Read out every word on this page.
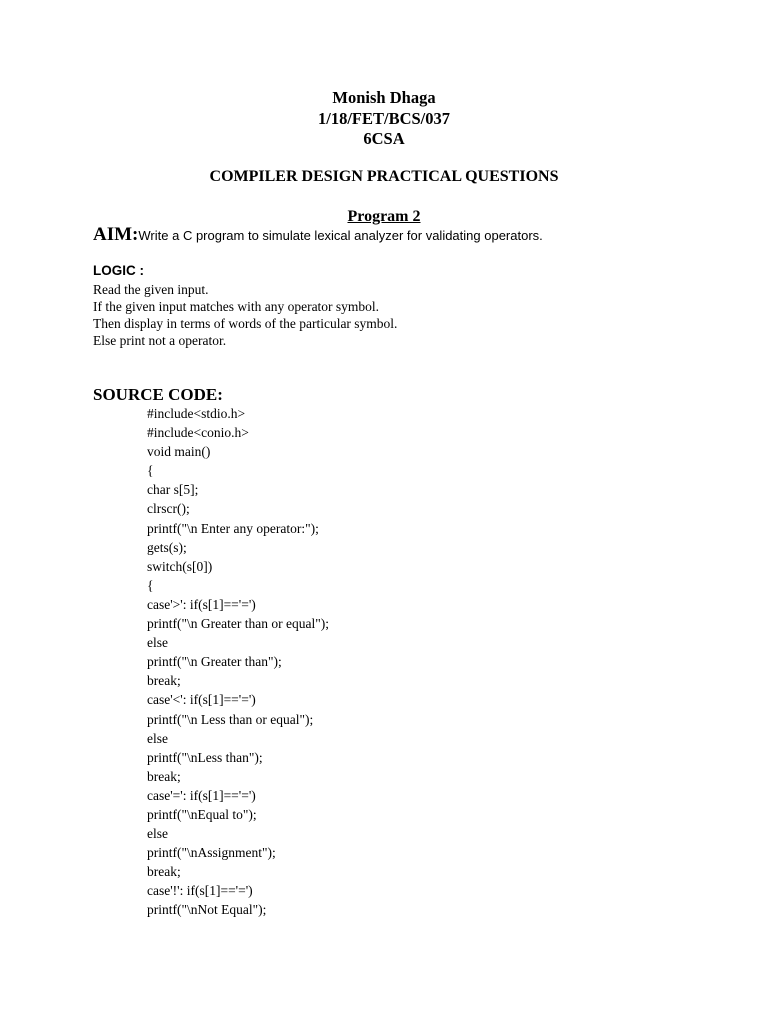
Monish Dhaga
1/18/FET/BCS/037
6CSA
COMPILER DESIGN PRACTICAL QUESTIONS
Program 2
AIM:Write a C program to simulate lexical analyzer for validating operators.
LOGIC :
Read the given input.
If the given input matches with any operator symbol.
Then display in terms of words of the particular symbol.
Else print not a operator.
SOURCE CODE:
#include<stdio.h>
#include<conio.h>
void main()
{
char s[5];
clrscr();
printf("\n Enter any operator:");
gets(s);
switch(s[0])
{
case'>': if(s[1]=='=')
printf("\n Greater than or equal");
else
printf("\n Greater than");
break;
case'<': if(s[1]=='=')
printf("\n Less than or equal");
else
printf("\nLess than");
break;
case'=': if(s[1]=='=')
printf("\nEqual to");
else
printf("\nAssignment");
break;
case'!': if(s[1]=='=')
printf("\nNot Equal");
